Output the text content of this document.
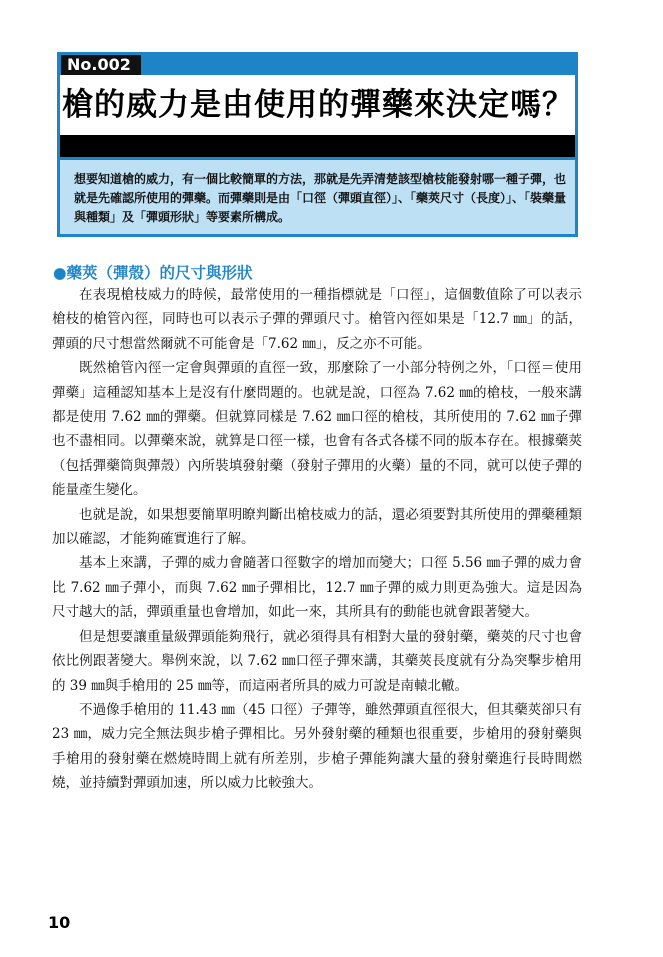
No.002
槍的威力是由使用的彈藥來決定嗎？
想要知道槍的威力，有一個比較簡單的方法，那就是先弄清楚該型槍枝能發射哪一種子彈，也就是先確認所使用的彈藥。而彈藥則是由「口徑（彈頭直徑）」、「藥莢尺寸（長度）」、「裝藥量與種類」及「彈頭形狀」等要素所構成。
●藥莢（彈殼）的尺寸與形狀

在表現槍枝威力的時候，最常使用的一種指標就是「口徑」，這個數值除了可以表示槍枝的槍管內徑，同時也可以表示子彈的彈頭尺寸。槍管內徑如果是「12.7 ㎜」的話，彈頭的尺寸想當然爾就不可能會是「7.62 ㎜」，反之亦不可能。

既然槍管內徑一定會與彈頭的直徑一致，那麼除了一小部分特例之外，「口徑＝使用彈藥」這種認知基本上是沒有什麼問題的。也就是說，口徑為 7.62 ㎜的槍枝，一般來講都是使用 7.62 ㎜的彈藥。但就算同樣是 7.62 ㎜口徑的槍枝，其所使用的 7.62 ㎜子彈也不盡相同。以彈藥來說，就算是口徑一樣，也會有各式各樣不同的版本存在。根據藥莢（包括彈藥筒與彈殼）內所裝填發射藥（發射子彈用的火藥）量的不同，就可以使子彈的能量產生變化。

也就是說，如果想要簡單明瞭判斷出槍枝威力的話，還必須要對其所使用的彈藥種類加以確認，才能夠確實進行了解。

基本上來講，子彈的威力會隨著口徑數字的增加而變大；口徑 5.56 ㎜子彈的威力會比 7.62 ㎜子彈小，而與 7.62 ㎜子彈相比，12.7 ㎜子彈的威力則更為強大。這是因為尺寸越大的話，彈頭重量也會增加，如此一來，其所具有的動能也就會跟著變大。

但是想要讓重量級彈頭能夠飛行，就必須得具有相對大量的發射藥，藥莢的尺寸也會依比例跟著變大。舉例來說，以 7.62 ㎜口徑子彈來講，其藥莢長度就有分為突擊步槍用的 39 ㎜與手槍用的 25 ㎜等，而這兩者所具的威力可說是南轅北轍。

不過像手槍用的 11.43 ㎜（45 口徑）子彈等，雖然彈頭直徑很大，但其藥莢卻只有 23 ㎜，威力完全無法與步槍子彈相比。另外發射藥的種類也很重要，步槍用的發射藥與手槍用的發射藥在燃燒時間上就有所差別，步槍子彈能夠讓大量的發射藥進行長時間燃燒，並持續對彈頭加速，所以威力比較強大。

10
